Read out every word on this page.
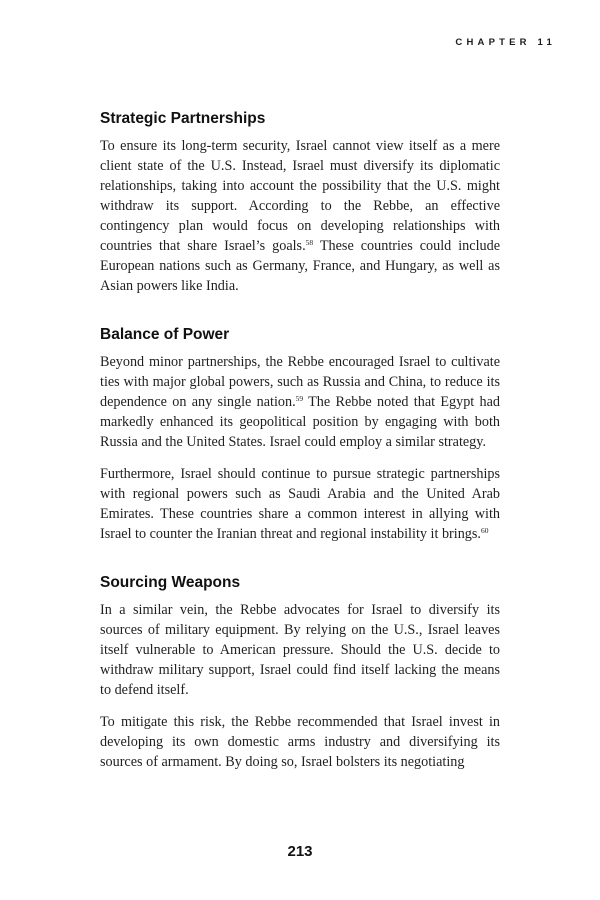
CHAPTER 11
Strategic Partnerships

To ensure its long-term security, Israel cannot view itself as a mere client state of the U.S. Instead, Israel must diversify its diplomatic relationships, taking into account the possibility that the U.S. might withdraw its support. According to the Rebbe, an effective contingency plan would focus on developing relationships with countries that share Israel’s goals.$^{58}$ These countries could include European nations such as Germany, France, and Hungary, as well as Asian powers like India.

Balance of Power

Beyond minor partnerships, the Rebbe encouraged Israel to cultivate ties with major global powers, such as Russia and China, to reduce its dependence on any single nation.$^{59}$ The Rebbe noted that Egypt had markedly enhanced its geopolitical position by engaging with both Russia and the United States. Israel could employ a similar strategy.

Furthermore, Israel should continue to pursue strategic partnerships with regional powers such as Saudi Arabia and the United Arab Emirates. These countries share a common interest in allying with Israel to counter the Iranian threat and regional instability it brings.$^{60}$

Sourcing Weapons

In a similar vein, the Rebbe advocates for Israel to diversify its sources of military equipment. By relying on the U.S., Israel leaves itself vulnerable to American pressure. Should the U.S. decide to withdraw military support, Israel could find itself lacking the means to defend itself.

To mitigate this risk, the Rebbe recommended that Israel invest in developing its own domestic arms industry and diversifying its sources of armament. By doing so, Israel bolsters its negotiating

213
